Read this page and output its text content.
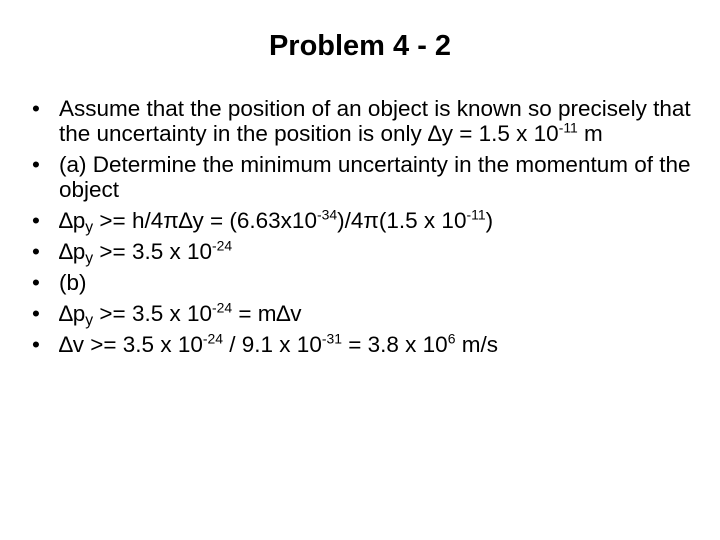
Problem 4 - 2
• Assume that the position of an object is known so precisely that the uncertainty in the position is only ∆y = 1.5 x $10^{-11}$ m
• (a) Determine the minimum uncertainty in the momentum of the object
• $\Delta p_y >= h/4\pi\Delta y = (6.63x10^{-34})/4\pi(1.5$ x $10^{-11}$)
• $\Delta p_y >= 3.5$ x $10^{-24}$
• (b)
• $\Delta p_y >= 3.5$ x $10^{-24} = m\Delta v$
• ∆v >= 3.5 x $10^{-24} / 9.1$ x $10^{-31} = 3.8$ x $10^6$ m/s
